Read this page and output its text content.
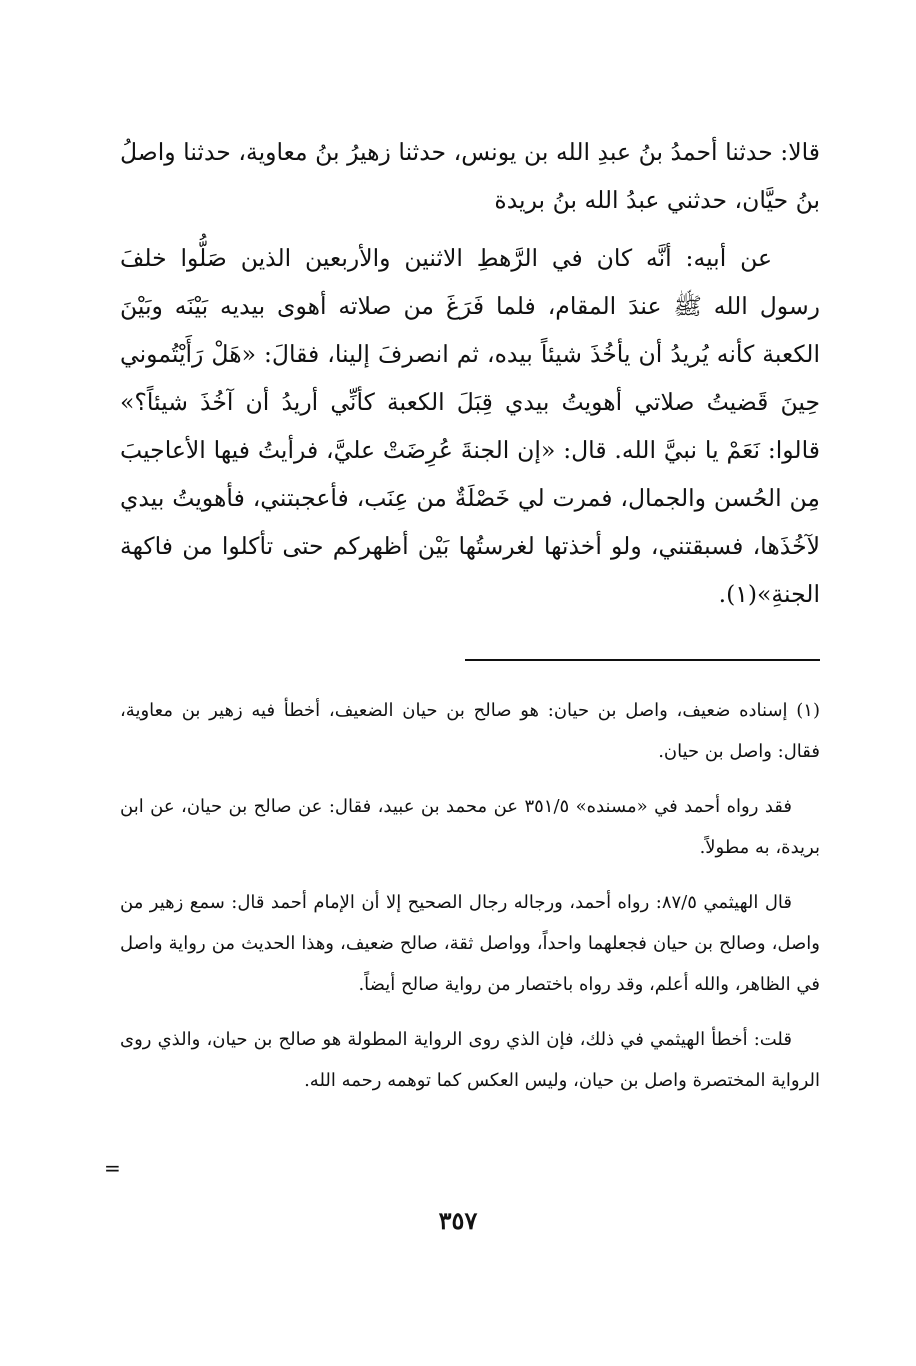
قالا: حدثنا أحمدُ بنُ عبدِ الله بن يونس، حدثنا زهيرُ بنُ معاوية، حدثنا واصلُ بنُ حيَّان، حدثني عبدُ الله بنُ بريدة

عن أبيه: أنَّه كان في الرَّهطِ الاثنين والأربعين الذين صَلُّوا خلفَ رسول الله ﷺ عندَ المقام، فلما فَرَغَ من صلاته أهوى بيديه بَيْنَه وبَيْنَ الكعبة كأنه يُريدُ أن يأخُذَ شيئاً بيده، ثم انصرفَ إلينا، فقالَ: «هَلْ رَأَيْتُموني حِينَ قَضيتُ صلاتي أهويتُ بيدي قِبَلَ الكعبة كأنِّي أريدُ أن آخُذَ شيئاً؟» قالوا: نَعَمْ يا نبيَّ الله. قال: «إن الجنةَ عُرِضَتْ عليَّ، فرأيتُ فيها الأعاجيبَ مِن الحُسن والجمال، فمرت لي خَصْلَةٌ من عِنَب، فأعجبتني، فأهويتُ بيدي لآخُذَها، فسبقتني، ولو أخذتها لغرستُها بَيْن أظهركم حتى تأكلوا من فاكهة الجنةِ»(١).

(١) إسناده ضعيف، واصل بن حيان: هو صالح بن حيان الضعيف، أخطأ فيه زهير بن معاوية، فقال: واصل بن حيان.

فقد رواه أحمد في «مسنده» ٣٥١/٥ عن محمد بن عبيد، فقال: عن صالح بن حيان، عن ابن بريدة، به مطولاً.

قال الهيثمي ٨٧/٥: رواه أحمد، ورجاله رجال الصحيح إلا أن الإمام أحمد قال: سمع زهير من واصل، وصالح بن حيان فجعلهما واحداً، وواصل ثقة، صالح ضعيف، وهذا الحديث من رواية واصل في الظاهر، والله أعلم، وقد رواه باختصار من رواية صالح أيضاً.

قلت: أخطأ الهيثمي في ذلك، فإن الذي روى الرواية المطولة هو صالح بن حيان، والذي روى الرواية المختصرة واصل بن حيان، وليس العكس كما توهمه رحمه الله.

=
٣٥٧
